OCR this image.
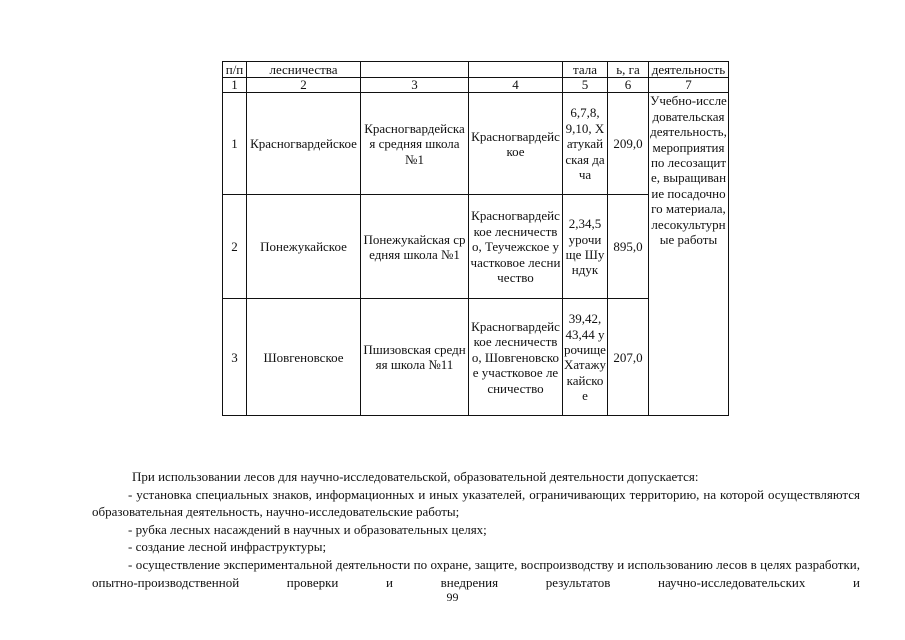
п/п	лесничества			тала	ь, га	деятельность
1	2	3	4	5	6	7
1	Красногвардейское	Красногвардейская средняя школа №1	Красногвардейское	6,7,8, 9,10, Хатукайская дача	209,0	Учебно-исследовательская деятельность, мероприятия по лесозащите, выращивание посадочного материала, лесокультурные работы
2	Понежукайское	Понежукайская средняя школа №1	Красногвардейское лесничество, Теучежское участковое лесничество	2,34,5 урочище Шундук	895,0	
3	Шовгеновское	Пшизовская средняя школа №11	Красногвардейское лесничество, Шовгеновское участковое лесничество	39,42, 43,44 урочище Хатажукайское	207,0	

При использовании лесов для научно-исследовательской, образовательной деятельности допускается:

- установка специальных знаков, информационных и иных указателей, ограничивающих территорию, на которой осуществляются образовательная деятельность, научно-исследовательские работы;

- рубка лесных насаждений в научных и образовательных целях;

- создание лесной инфраструктуры;

- осуществление экспериментальной деятельности по охране, защите, воспроизводству и использованию лесов в целях разработки, опытно-производственной проверки и внедрения результатов научно-исследовательских и

99
